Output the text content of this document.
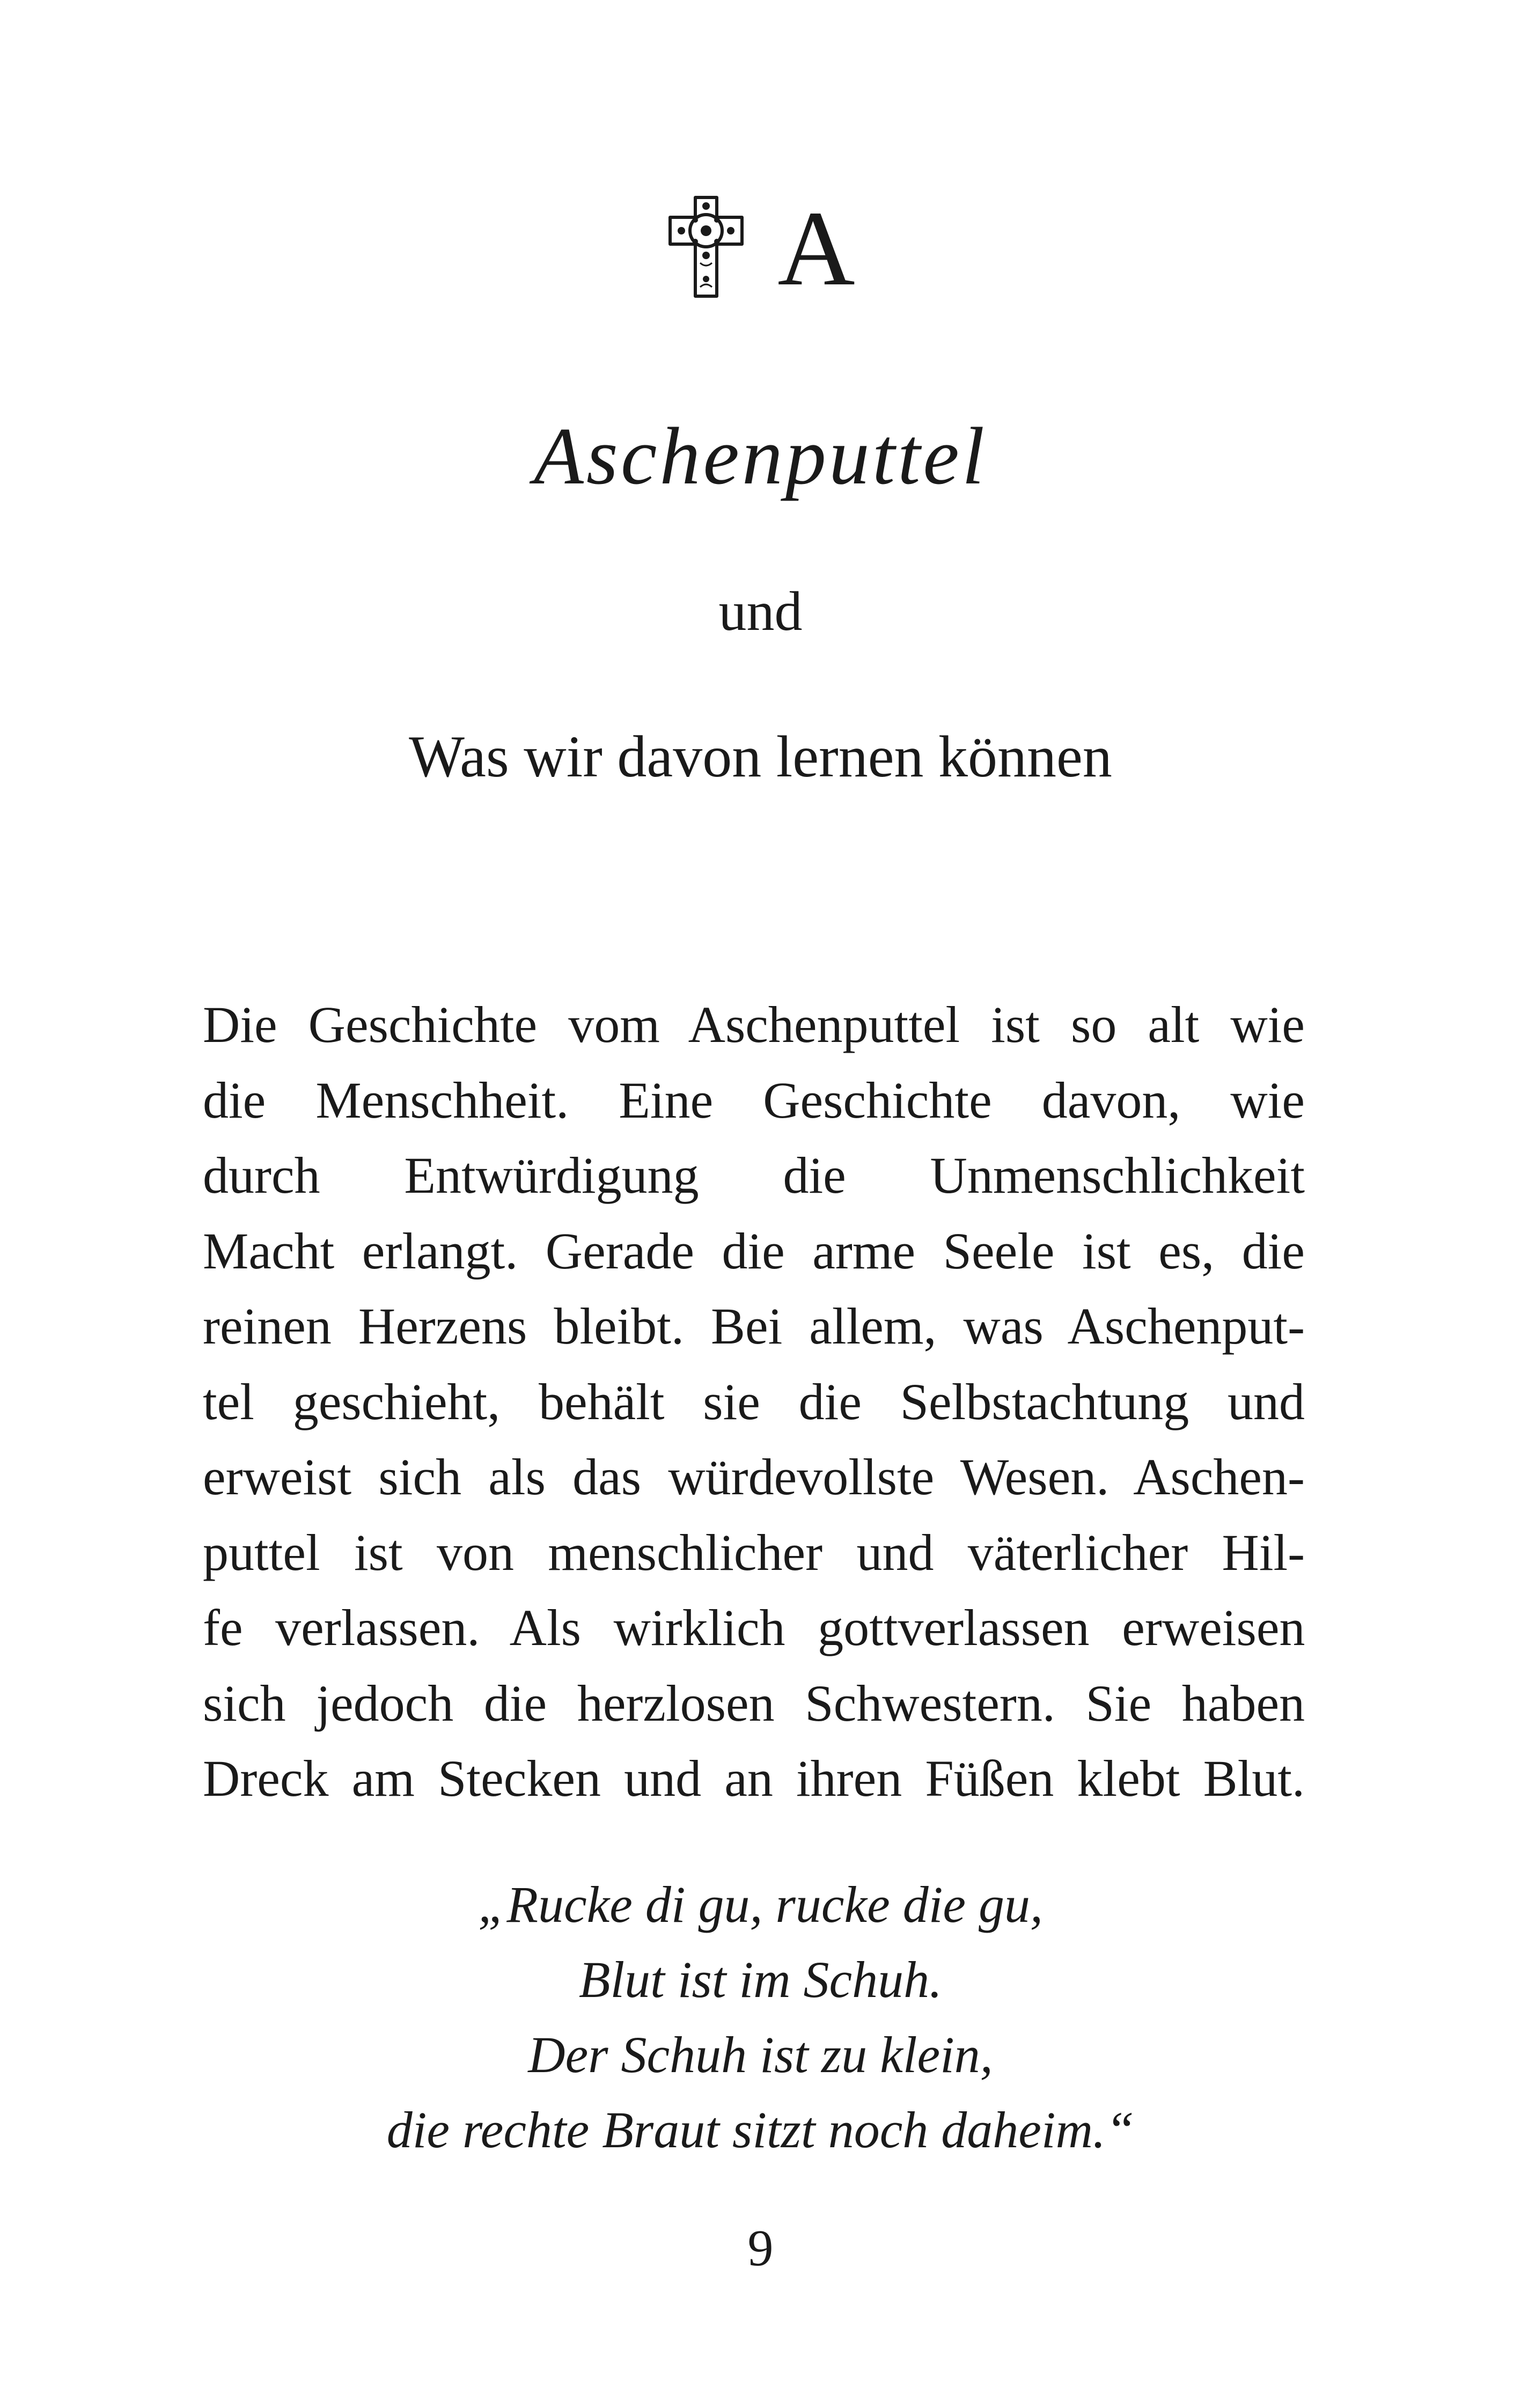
A
Aschenputtel

und

Was wir davon lernen können
Die Geschichte vom Aschenputtel ist so alt wie
die Menschheit. Eine Geschichte davon, wie
durch Entwürdigung die Unmenschlichkeit
Macht erlangt. Gerade die arme Seele ist es, die
reinen Herzens bleibt. Bei allem, was Aschenput-
tel geschieht, behält sie die Selbstachtung und
erweist sich als das würdevollste Wesen. Aschen-
puttel ist von menschlicher und väterlicher Hil-
fe verlassen. Als wirklich gottverlassen erweisen
sich jedoch die herzlosen Schwestern. Sie haben
Dreck am Stecken und an ihren Füßen klebt Blut.
„Rucke di gu, rucke die gu,
Blut ist im Schuh.
Der Schuh ist zu klein,
die rechte Braut sitzt noch daheim.“
9
